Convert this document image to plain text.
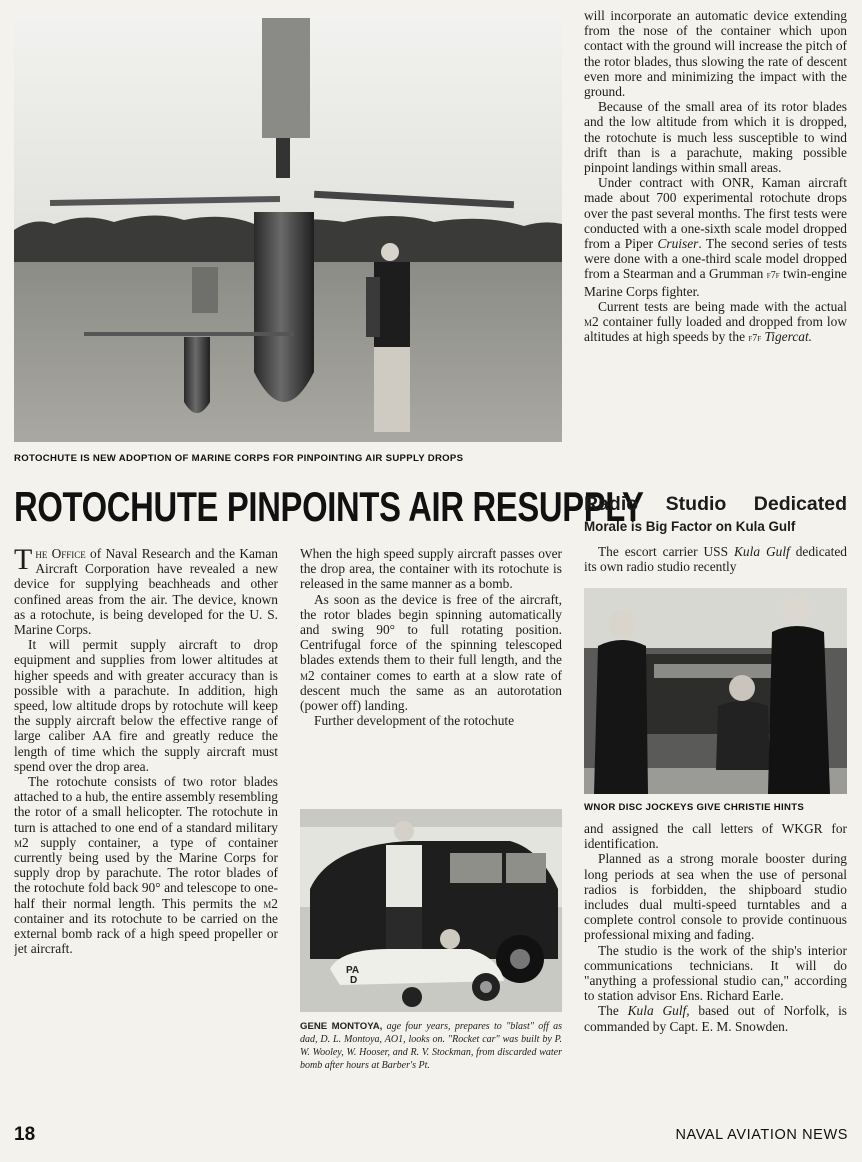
ROTOCHUTE IS NEW ADOPTION OF MARINE CORPS FOR PINPOINTING AIR SUPPLY DROPS
ROTOCHUTE PINPOINTS AIR RESUPPLY

The Office of Naval Research and the Kaman Aircraft Corporation have revealed a new device for supplying beachheads and other confined areas from the air. The device, known as a rotochute, is being developed for the U. S. Marine Corps.

It will permit supply aircraft to drop equipment and supplies from lower altitudes at higher speeds and with greater accuracy than is possible with a parachute. In addition, high speed, low altitude drops by rotochute will keep the supply aircraft below the effective range of large caliber AA fire and greatly reduce the length of time which the supply aircraft must spend over the drop area.

The rotochute consists of two rotor blades attached to a hub, the entire assembly resembling the rotor of a small helicopter. The rotochute in turn is attached to one end of a standard military m2 supply container, a type of container currently being used by the Marine Corps for supply drop by parachute. The rotor blades of the rotochute fold back 90° and telescope to one-half their normal length. This permits the m2 container and its rotochute to be carried on the external bomb rack of a high speed propeller or jet aircraft.

When the high speed supply aircraft passes over the drop area, the container with its rotochute is released in the same manner as a bomb.

As soon as the device is free of the aircraft, the rotor blades begin spinning automatically and swing 90° to full rotating position. Centrifugal force of the spinning telescoped blades extends them to their full length, and the m2 container comes to earth at a slow rate of descent much the same as an autorotation (power off) landing.

Further development of the rotochute

PA D
GENE MONTOYA, age four years, prepares to "blast" off as dad, D. L. Montoya, AO1, looks on. "Rocket car" was built by P. W. Wooley, W. Hooser, and R. V. Stockman, from discarded water bomb after hours at Barber's Pt.

will incorporate an automatic device extending from the nose of the container which upon contact with the ground will increase the pitch of the rotor blades, thus slowing the rate of descent even more and minimizing the impact with the ground.

Because of the small area of its rotor blades and the low altitude from which it is dropped, the rotochute is much less susceptible to wind drift than is a parachute, making possible pinpoint landings within small areas.

Under contract with ONR, Kaman aircraft made about 700 experimental rotochute drops over the past several months. The first tests were conducted with a one-sixth scale model dropped from a Piper Cruiser. The second series of tests were done with a one-third scale model dropped from a Stearman and a Grumman f7f twin-engine Marine Corps fighter.

Current tests are being made with the actual m2 container fully loaded and dropped from low altitudes at high speeds by the f7f Tigercat.

Radio Studio Dedicated
Morale is Big Factor on Kula Gulf

The escort carrier USS Kula Gulf dedicated its own radio studio recently

WNOR DISC JOCKEYS GIVE CHRISTIE HINTS

and assigned the call letters of WKGR for identification.

Planned as a strong morale booster during long periods at sea when the use of personal radios is forbidden, the shipboard studio includes dual multi-speed turntables and a complete control console to provide continuous professional mixing and fading.

The studio is the work of the ship's interior communications technicians. It will do "anything a professional studio can," according to station advisor Ens. Richard Earle.

The Kula Gulf, based out of Norfolk, is commanded by Capt. E. M. Snowden.

18	NAVAL AVIATION NEWS
